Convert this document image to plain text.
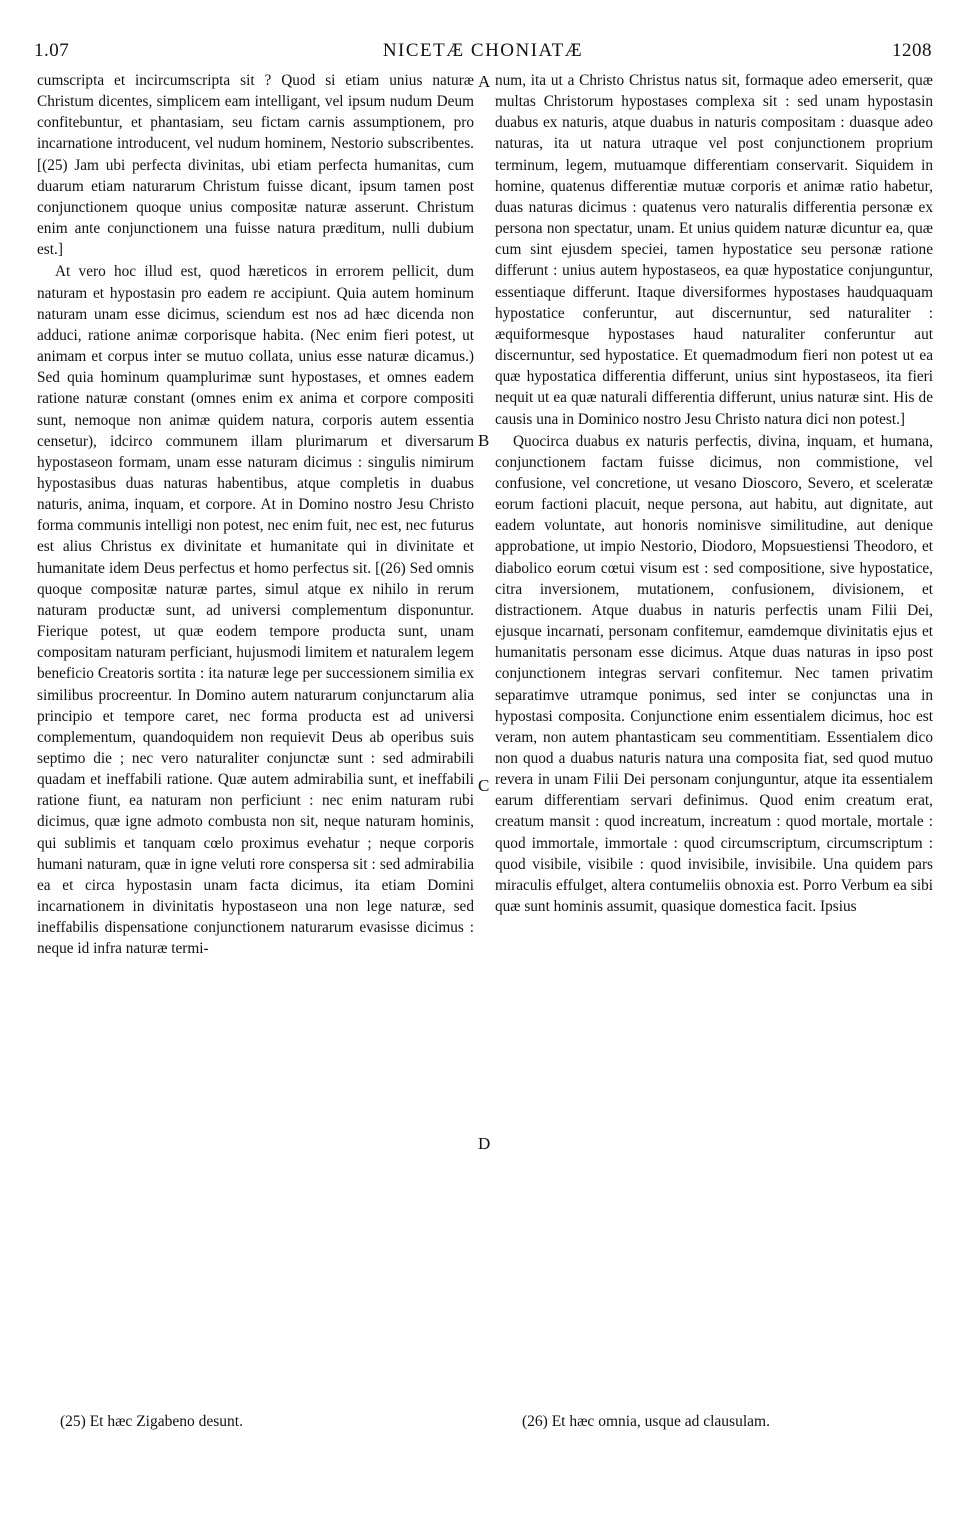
1.07	NICETÆ CHONIATÆ	1208

cumscripta et incircumscripta sit ? Quod si etiam unius naturæ Christum dicentes, simplicem eam intelligant, vel ipsum nudum Deum confitebuntur, et phantasiam, seu fictam carnis assumptionem, pro incarnatione introducent, vel nudum hominem, Nestorio subscribentes. [(25) Jam ubi perfecta divinitas, ubi etiam perfecta humanitas, cum duarum etiam naturarum Christum fuisse dicant, ipsum tamen post conjunctionem quoque unius compositæ naturæ asserunt. Christum enim ante conjunctionem una fuisse natura præditum, nulli dubium est.]

At vero hoc illud est, quod hæreticos in errorem pellicit, dum naturam et hypostasin pro eadem re accipiunt. Quia autem hominum naturam unam esse dicimus, sciendum est nos ad hæc dicenda non adduci, ratione animæ corporisque habita. (Nec enim fieri potest, ut animam et corpus inter se mutuo collata, unius esse naturæ dicamus.) Sed quia hominum quamplurimæ sunt hypostases, et omnes eadem ratione naturæ constant (omnes enim ex anima et corpore compositi sunt, nemoque non animæ quidem natura, corporis autem essentia censetur), idcirco communem illam plurimarum et diversarum hypostaseon formam, unam esse naturam dicimus : singulis nimirum hypostasibus duas naturas habentibus, atque completis in duabus naturis, anima, inquam, et corpore. At in Domino nostro Jesu Christo forma communis intelligi non potest, nec enim fuit, nec est, nec futurus est alius Christus ex divinitate et humanitate qui in divinitate et humanitate idem Deus perfectus et homo perfectus sit. [(26) Sed omnis quoque compositæ naturæ partes, simul atque ex nihilo in rerum naturam productæ sunt, ad universi complementum disponuntur. Fierique potest, ut quæ eodem tempore producta sunt, unam compositam naturam perficiant, hujusmodi limitem et naturalem legem beneficio Creatoris sortita : ita naturæ lege per successionem similia ex similibus procreentur. In Domino autem naturarum conjunctarum alia principio et tempore caret, nec forma producta est ad universi complementum, quandoquidem non requievit Deus ab operibus suis septimo die ; nec vero naturaliter conjunctæ sunt : sed admirabili quadam et ineffabili ratione. Quæ autem admirabilia sunt, et ineffabili ratione fiunt, ea naturam non perficiunt : nec enim naturam rubi dicimus, quæ igne admoto combusta non sit, neque naturam hominis, qui sublimis et tanquam cœlo proximus evehatur ; neque corporis humani naturam, quæ in igne veluti rore conspersa sit : sed admirabilia ea et circa hypostasin unam facta dicimus, ita etiam Domini incarnationem in divinitatis hypostaseon una non lege naturæ, sed ineffabilis dispensatione conjunctionem naturarum evasisse dicimus : neque id infra naturæ termi-

num, ita ut a Christo Christus natus sit, formaque adeo emerserit, quæ multas Christorum hypostases complexa sit : sed unam hypostasin duabus ex naturis, atque duabus in naturis compositam : duasque adeo naturas, ita ut natura utraque vel post conjunctionem proprium terminum, legem, mutuamque differentiam conservarit. Siquidem in homine, quatenus differentiæ mutuæ corporis et animæ ratio habetur, duas naturas dicimus : quatenus vero naturalis differentia personæ ex persona non spectatur, unam. Et unius quidem naturæ dicuntur ea, quæ cum sint ejusdem speciei, tamen hypostatice seu personæ ratione differunt : unius autem hypostaseos, ea quæ hypostatice conjunguntur, essentiaque differunt. Itaque diversiformes hypostases haudquaquam hypostatice conferuntur, aut discernuntur, sed naturaliter : æquiformesque hypostases haud naturaliter conferuntur aut discernuntur, sed hypostatice. Et quemadmodum fieri non potest ut ea quæ hypostatica differentia differunt, unius sint hypostaseos, ita fieri nequit ut ea quæ naturali differentia differunt, unius naturæ sint. His de causis una in Dominico nostro Jesu Christo natura dici non potest.]

Quocirca duabus ex naturis perfectis, divina, inquam, et humana, conjunctionem factam fuisse dicimus, non commistione, vel confusione, vel concretione, ut vesano Dioscoro, Severo, et sceleratæ eorum factioni placuit, neque persona, aut habitu, aut dignitate, aut eadem voluntate, aut honoris nominisve similitudine, aut denique approbatione, ut impio Nestorio, Diodoro, Mopsuestiensi Theodoro, et diabolico eorum cœtui visum est : sed compositione, sive hypostatice, citra inversionem, mutationem, confusionem, divisionem, et distractionem. Atque duabus in naturis perfectis unam Filii Dei, ejusque incarnati, personam confitemur, eamdemque divinitatis ejus et humanitatis personam esse dicimus. Atque duas naturas in ipso post conjunctionem integras servari confitemur. Nec tamen privatim separatimve utramque ponimus, sed inter se conjunctas una in hypostasi composita. Conjunctione enim essentialem dicimus, hoc est veram, non autem phantasticam seu commentitiam. Essentialem dico non quod a duabus naturis natura una composita fiat, sed quod mutuo revera in unam Filii Dei personam conjunguntur, atque ita essentialem earum differentiam servari definimus. Quod enim creatum erat, creatum mansit : quod increatum, increatum : quod mortale, mortale : quod immortale, immortale : quod circumscriptum, circumscriptum : quod visibile, visibile : quod invisibile, invisibile. Una quidem pars miraculis effulget, altera contumeliis obnoxia est. Porro Verbum ea sibi quæ sunt hominis assumit, quasique domestica facit. Ipsius

A
B
C
D
(25) Et hæc Zigabeno desunt.	(26) Et hæc omnia, usque ad clausulam.
